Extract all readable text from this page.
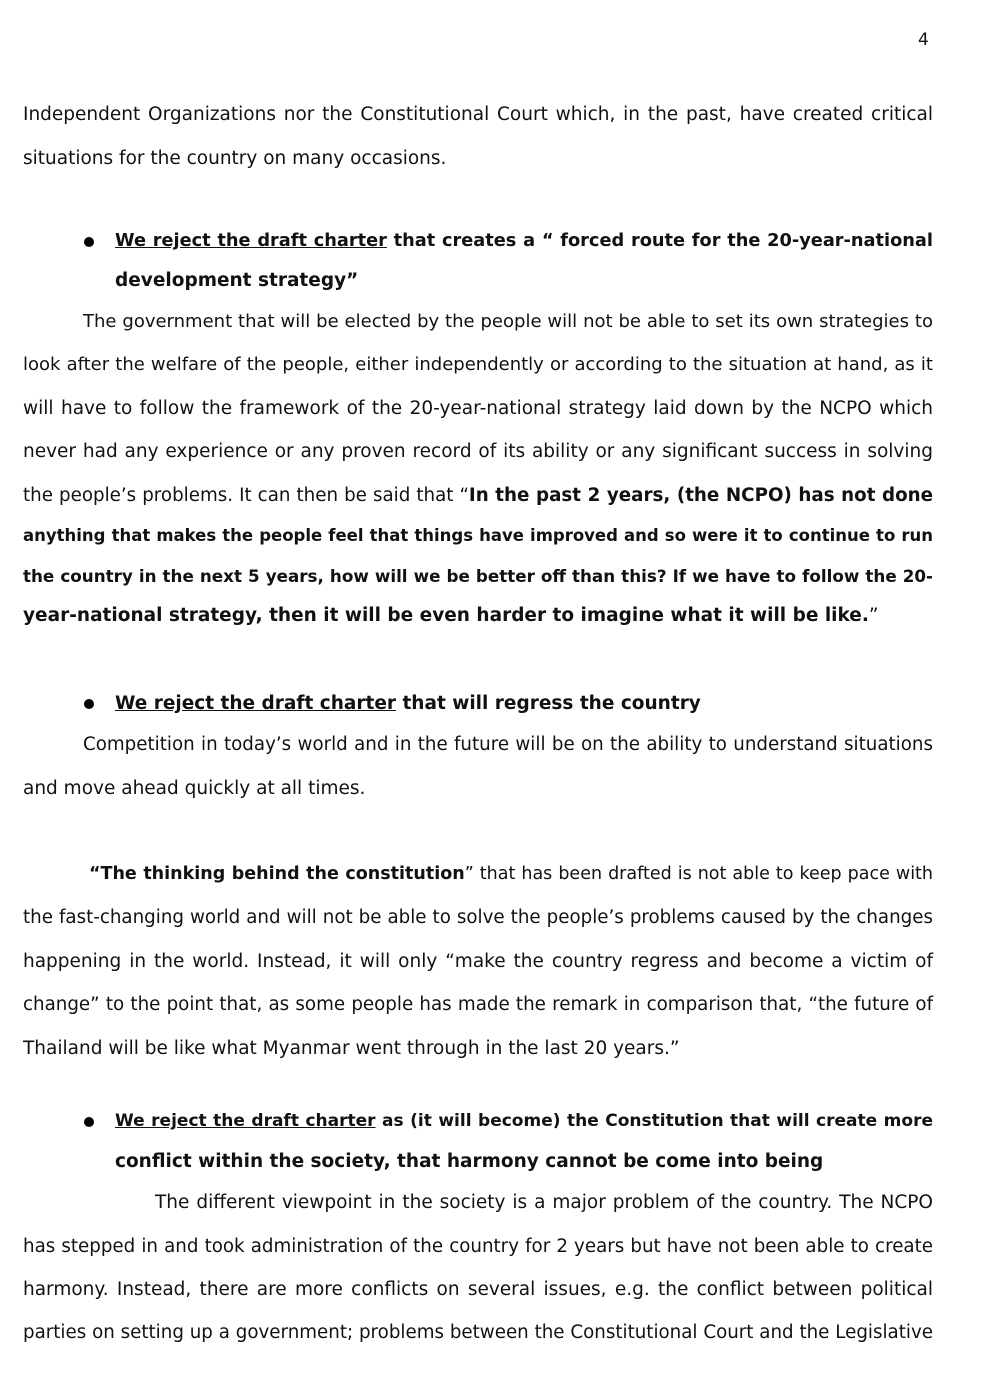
4
Independent Organizations nor the Constitutional Court which, in the past, have created critical
situations for the country on many occasions.
We reject the draft charter that creates a “ forced route for the 20-year-national
development strategy”
The government that will be elected by the people will not be able to set its own strategies to
look after the welfare of the people, either independently or according to the situation at hand, as it
will have to follow the framework of the 20-year-national strategy laid down by the NCPO which
never had any experience or any proven record of its ability or any significant success in solving
the people’s problems. It can then be said that “In the past 2 years, (the NCPO) has not done
anything that makes the people feel that things have improved and so were it to continue to run
the country in the next 5 years, how will we be better off than this? If we have to follow the 20-
year-national strategy, then it will be even harder to imagine what it will be like.”
We reject the draft charter that will regress the country
Competition in today’s world and in the future will be on the ability to understand situations
and move ahead quickly at all times.
“The thinking behind the constitution” that has been drafted is not able to keep pace with
the fast-changing world and will not be able to solve the people’s problems caused by the changes
happening in the world. Instead, it will only “make the country regress and become a victim of
change” to the point that, as some people has made the remark in comparison that, “the future of
Thailand will be like what Myanmar went through in the last 20 years.”
We reject the draft charter as (it will become) the Constitution that will create more
conflict within the society, that harmony cannot be come into being
The different viewpoint in the society is a major problem of the country. The NCPO
has stepped in and took administration of the country for 2 years but have not been able to create
harmony. Instead, there are more conflicts on several issues, e.g. the conflict between political
parties on setting up a government; problems between the Constitutional Court and the Legislative
